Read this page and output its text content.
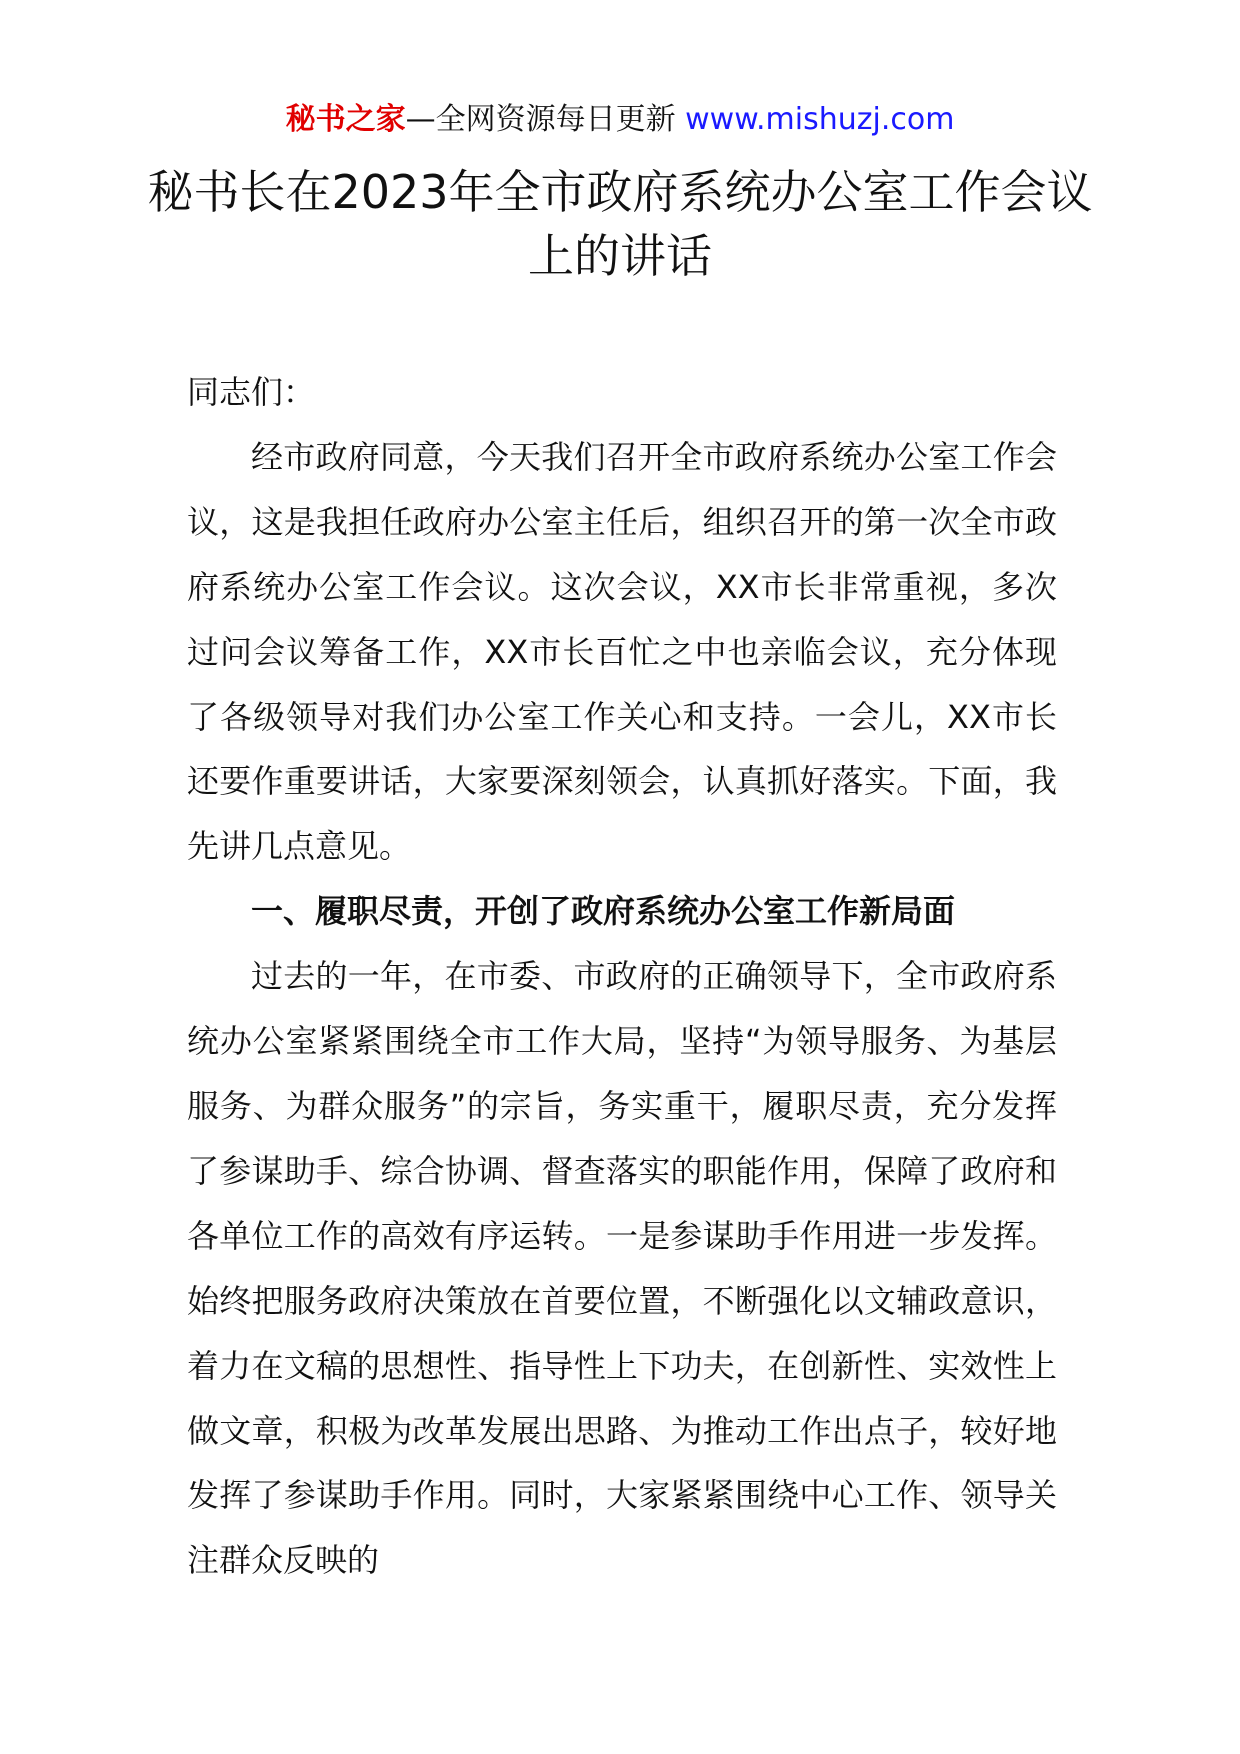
秘书之家—全网资源每日更新 www.mishuzj.com
秘书长在2023年全市政府系统办公室工作会议上的讲话

同志们：

经市政府同意，今天我们召开全市政府系统办公室工作会议，这是我担任政府办公室主任后，组织召开的第一次全市政府系统办公室工作会议。这次会议，XX市长非常重视，多次过问会议筹备工作，XX市长百忙之中也亲临会议，充分体现了各级领导对我们办公室工作关心和支持。一会儿，XX市长还要作重要讲话，大家要深刻领会，认真抓好落实。下面，我先讲几点意见。

一、履职尽责，开创了政府系统办公室工作新局面

过去的一年，在市委、市政府的正确领导下，全市政府系统办公室紧紧围绕全市工作大局，坚持“为领导服务、为基层服务、为群众服务”的宗旨，务实重干，履职尽责，充分发挥了参谋助手、综合协调、督查落实的职能作用，保障了政府和各单位工作的高效有序运转。一是参谋助手作用进一步发挥。始终把服务政府决策放在首要位置，不断强化以文辅政意识，着力在文稿的思想性、指导性上下功夫，在创新性、实效性上做文章，积极为改革发展出思路、为推动工作出点子，较好地发挥了参谋助手作用。同时，大家紧紧围绕中心工作、领导关注群众反映的
